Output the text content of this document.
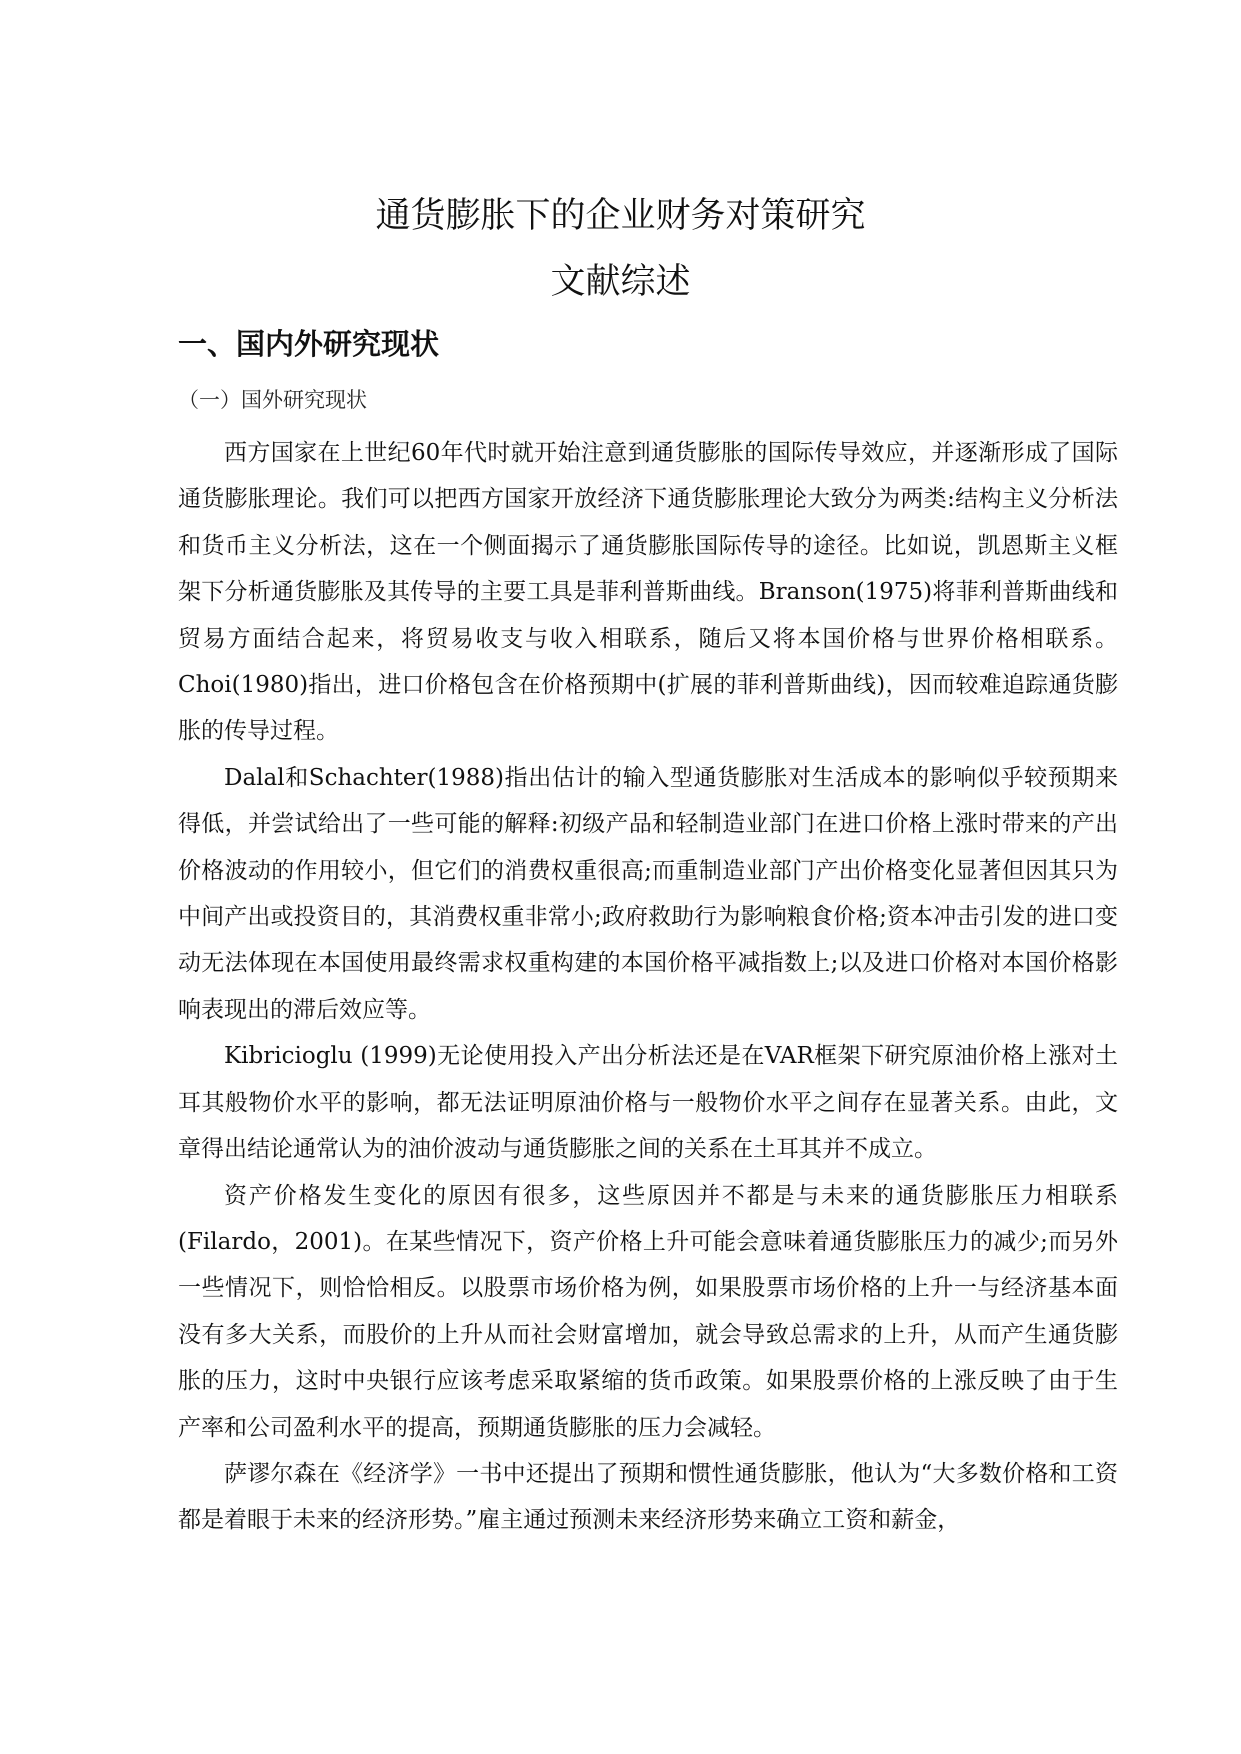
通货膨胀下的企业财务对策研究
文献综述
一、国内外研究现状
（一）国外研究现状

西方国家在上世纪60年代时就开始注意到通货膨胀的国际传导效应，并逐渐形成了国际通货膨胀理论。我们可以把西方国家开放经济下通货膨胀理论大致分为两类:结构主义分析法和货币主义分析法，这在一个侧面揭示了通货膨胀国际传导的途径。比如说，凯恩斯主义框架下分析通货膨胀及其传导的主要工具是菲利普斯曲线。Branson(1975)将菲利普斯曲线和贸易方面结合起来，将贸易收支与收入相联系，随后又将本国价格与世界价格相联系。Choi(1980)指出，进口价格包含在价格预期中(扩展的菲利普斯曲线)，因而较难追踪通货膨胀的传导过程。

Dalal和Schachter(1988)指出估计的输入型通货膨胀对生活成本的影响似乎较预期来得低，并尝试给出了一些可能的解释:初级产品和轻制造业部门在进口价格上涨时带来的产出价格波动的作用较小，但它们的消费权重很高;而重制造业部门产出价格变化显著但因其只为中间产出或投资目的，其消费权重非常小;政府救助行为影响粮食价格;资本冲击引发的进口变动无法体现在本国使用最终需求权重构建的本国价格平减指数上;以及进口价格对本国价格影响表现出的滞后效应等。

Kibricioglu (1999)无论使用投入产出分析法还是在VAR框架下研究原油价格上涨对土耳其般物价水平的影响，都无法证明原油价格与一般物价水平之间存在显著关系。由此，文章得出结论通常认为的油价波动与通货膨胀之间的关系在土耳其并不成立。

资产价格发生变化的原因有很多，这些原因并不都是与未来的通货膨胀压力相联系(Filardo，2001)。在某些情况下，资产价格上升可能会意味着通货膨胀压力的减少;而另外一些情况下，则恰恰相反。以股票市场价格为例，如果股票市场价格的上升一与经济基本面没有多大关系，而股价的上升从而社会财富增加，就会导致总需求的上升，从而产生通货膨胀的压力，这时中央银行应该考虑采取紧缩的货币政策。如果股票价格的上涨反映了由于生产率和公司盈利水平的提高，预期通货膨胀的压力会减轻。

萨谬尔森在《经济学》一书中还提出了预期和惯性通货膨胀，他认为“大多数价格和工资都是着眼于未来的经济形势。”雇主通过预测未来经济形势来确立工资和薪金，
